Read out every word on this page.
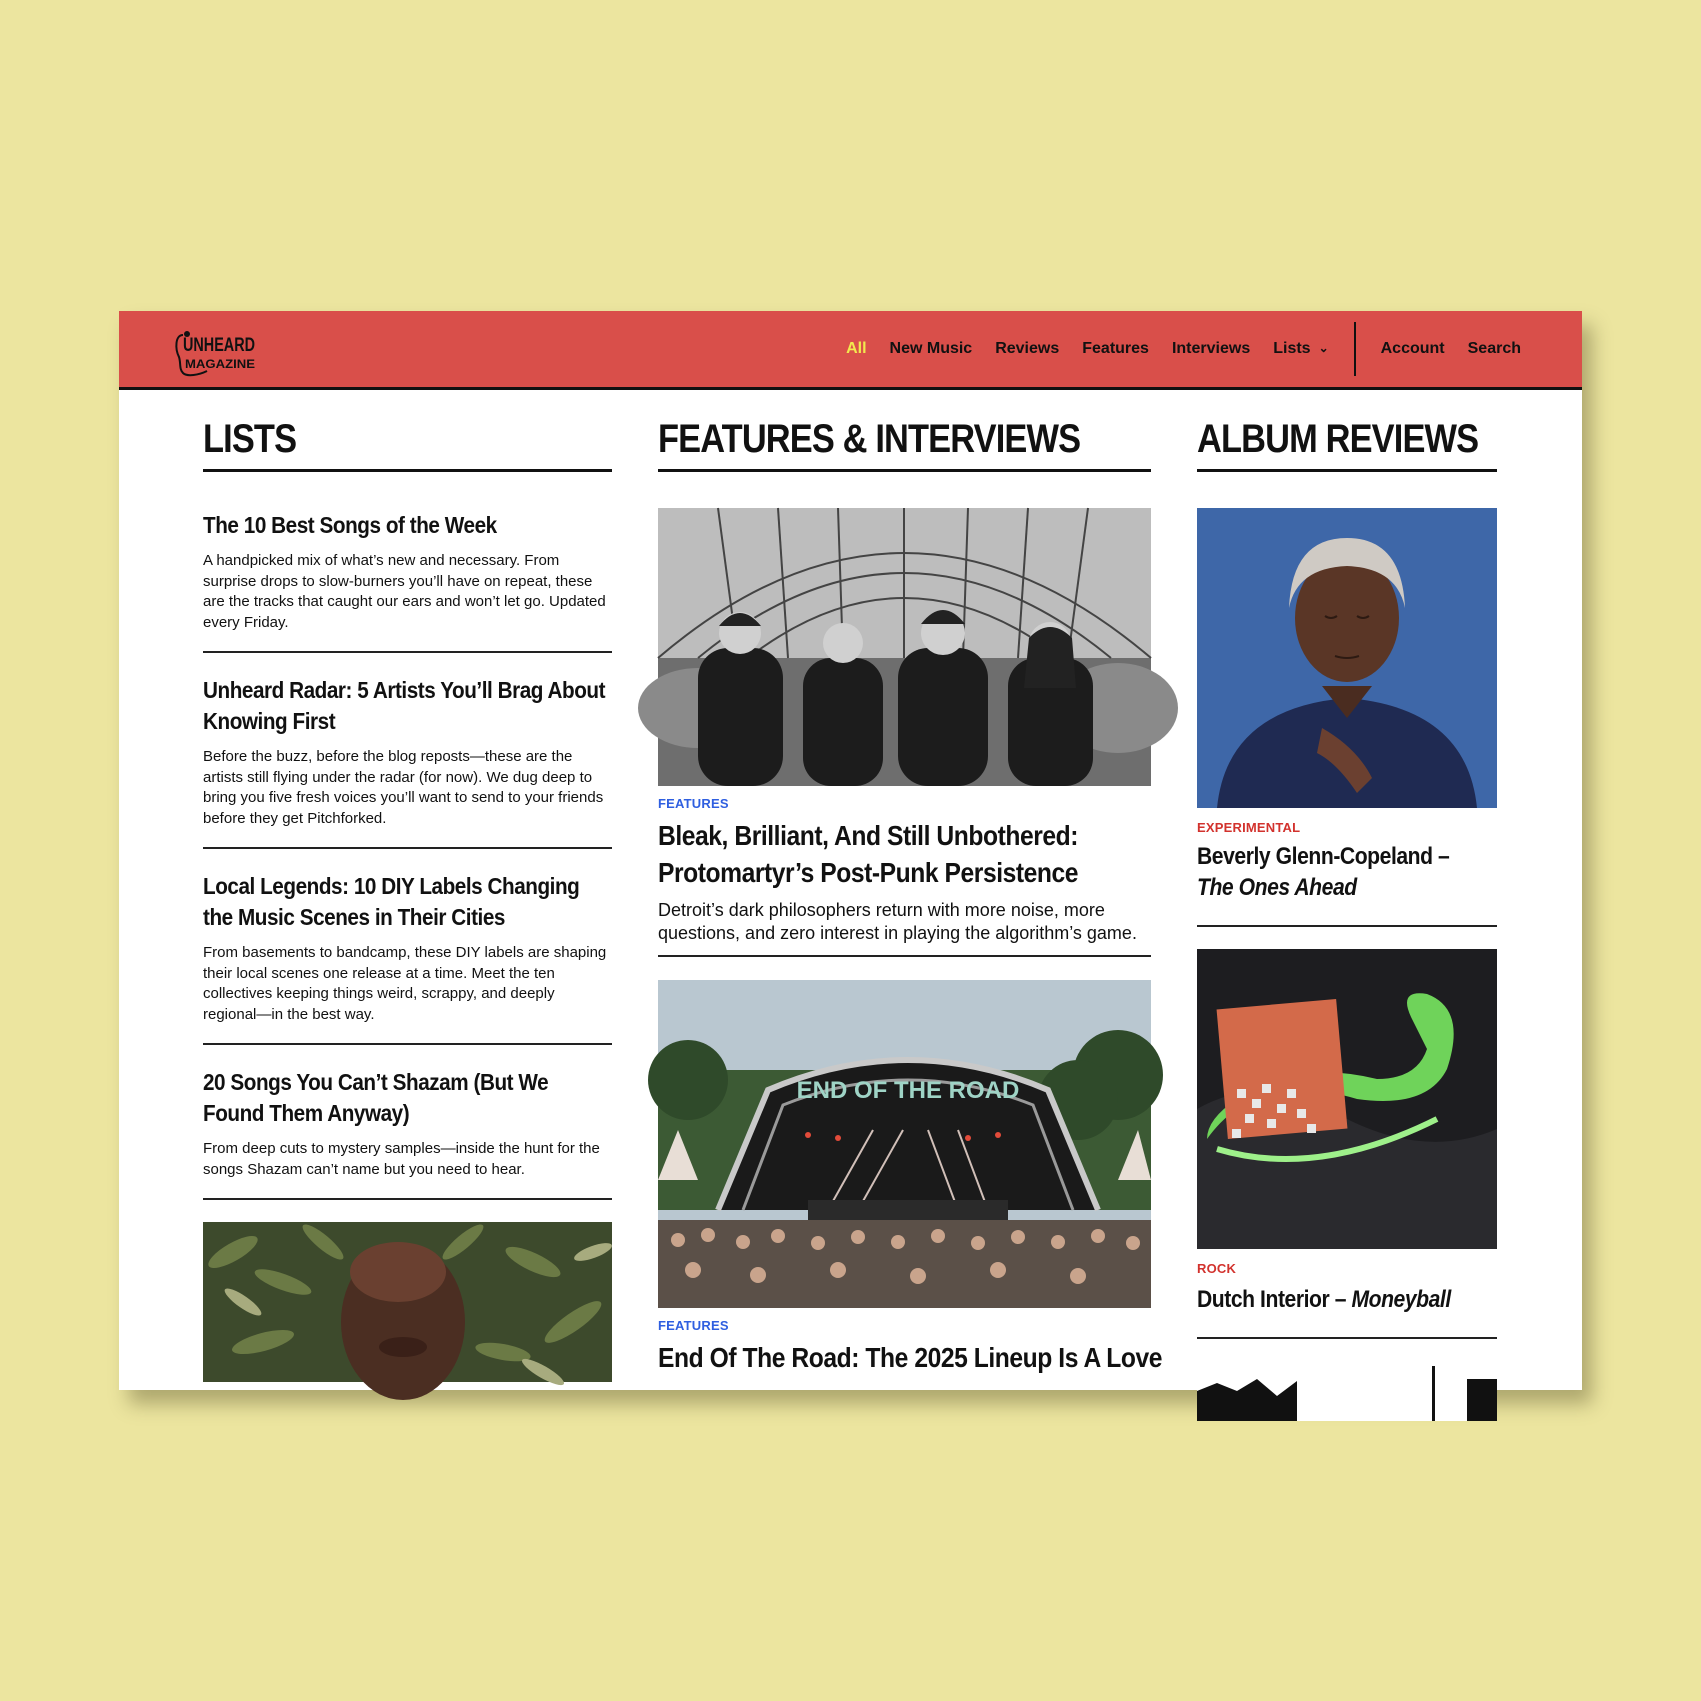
UNHEARD
MAGAZINE
All New Music Reviews Features Interviews Lists ⌄	Account Search
LISTS

The 10 Best Songs of the Week

A handpicked mix of what’s new and necessary. From surprise drops to slow-burners you’ll have on repeat, these are the tracks that caught our ears and won’t let go. Updated every Friday.

Unheard Radar: 5 Artists You’ll Brag About Knowing First

Before the buzz, before the blog reposts—these are the artists still flying under the radar (for now). We dug deep to bring you five fresh voices you’ll want to send to your friends before they get Pitchforked.

Local Legends: 10 DIY Labels Changing the Music Scenes in Their Cities

From basements to bandcamp, these DIY labels are shaping their local scenes one release at a time. Meet the ten collectives keeping things weird, scrappy, and deeply regional—in the best way.

20 Songs You Can’t Shazam (But We Found Them Anyway)

From deep cuts to mystery samples—inside the hunt for the songs Shazam can’t name but you need to hear.

FEATURES & INTERVIEWS

FEATURES

Bleak, Brilliant, And Still Unbothered: Protomartyr’s Post-Punk Persistence

Detroit’s dark philosophers return with more noise, more questions, and zero interest in playing the algorithm’s game.

END OF THE ROAD

FEATURES

End Of The Road: The 2025 Lineup Is A Love

ALBUM REVIEWS

EXPERIMENTAL

Beverly Glenn-Copeland –
The Ones Ahead

ROCK

Dutch Interior – Moneyball
